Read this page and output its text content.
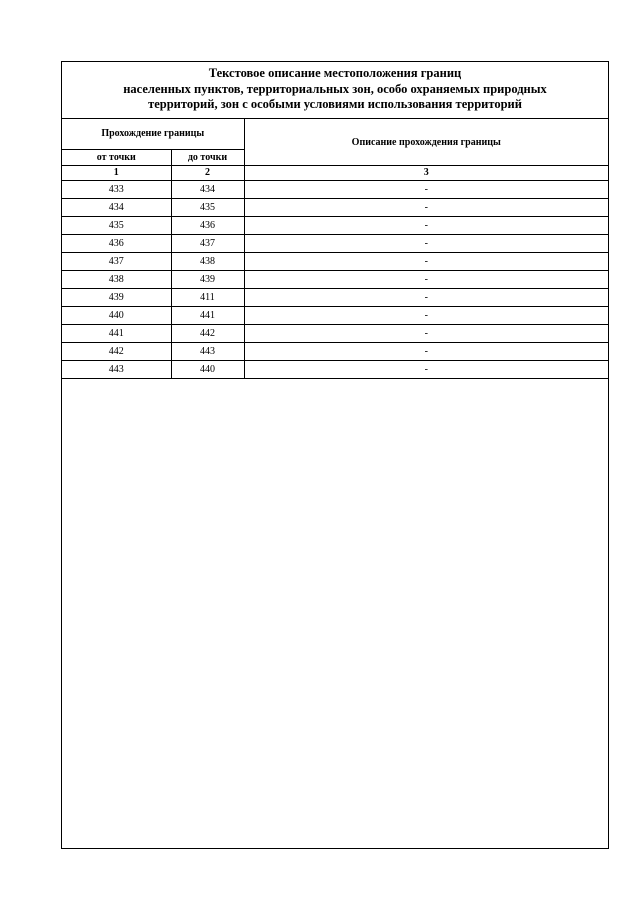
Текстовое описание местоположения границ
населенных пунктов, территориальных зон, особо охраняемых природных
территорий, зон с особыми условиями использования территорий
Прохождение границы		Описание прохождения границы
от точки	до точки	
1	2	3
433	434	-
434	435	-
435	436	-
436	437	-
437	438	-
438	439	-
439	411	-
440	441	-
441	442	-
442	443	-
443	440	-
